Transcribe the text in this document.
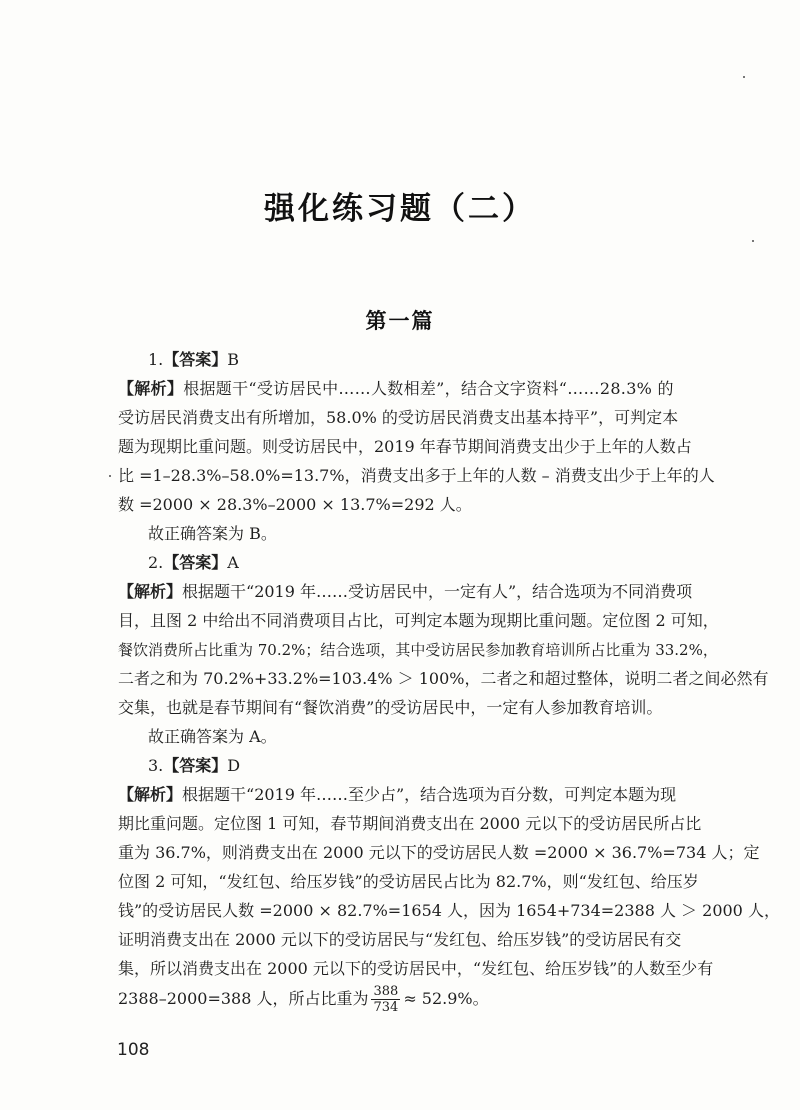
强化练习题（二）
第一篇
1.【答案】B
【解析】根据题干“受访居民中……人数相差”，结合文字资料“……28.3% 的
受访居民消费支出有所增加，58.0% 的受访居民消费支出基本持平”，可判定本
题为现期比重问题。则受访居民中，2019 年春节期间消费支出少于上年的人数占
比 =1–28.3%–58.0%=13.7%，消费支出多于上年的人数 – 消费支出少于上年的人
数 =2000 × 28.3%–2000 × 13.7%=292 人。
故正确答案为 B。
2.【答案】A
【解析】根据题干“2019 年……受访居民中，一定有人”，结合选项为不同消费项
目，且图 2 中给出不同消费项目占比，可判定本题为现期比重问题。定位图 2 可知，
餐饮消费所占比重为 70.2%；结合选项，其中受访居民参加教育培训所占比重为 33.2%，
二者之和为 70.2%+33.2%=103.4% ＞ 100%，二者之和超过整体，说明二者之间必然有
交集，也就是春节期间有“餐饮消费”的受访居民中，一定有人参加教育培训。
故正确答案为 A。
3.【答案】D
【解析】根据题干“2019 年……至少占”，结合选项为百分数，可判定本题为现
期比重问题。定位图 1 可知，春节期间消费支出在 2000 元以下的受访居民所占比
重为 36.7%，则消费支出在 2000 元以下的受访居民人数 =2000 × 36.7%=734 人；定
位图 2 可知，“发红包、给压岁钱”的受访居民占比为 82.7%，则“发红包、给压岁
钱”的受访居民人数 =2000 × 82.7%=1654 人，因为 1654+734=2388 人 ＞ 2000 人，
证明消费支出在 2000 元以下的受访居民与“发红包、给压岁钱”的受访居民有交
集，所以消费支出在 2000 元以下的受访居民中，“发红包、给压岁钱”的人数至少有
2388–2000=388 人，所占比重为 $\frac{388}{734} \approx 52.9\%$。
108
